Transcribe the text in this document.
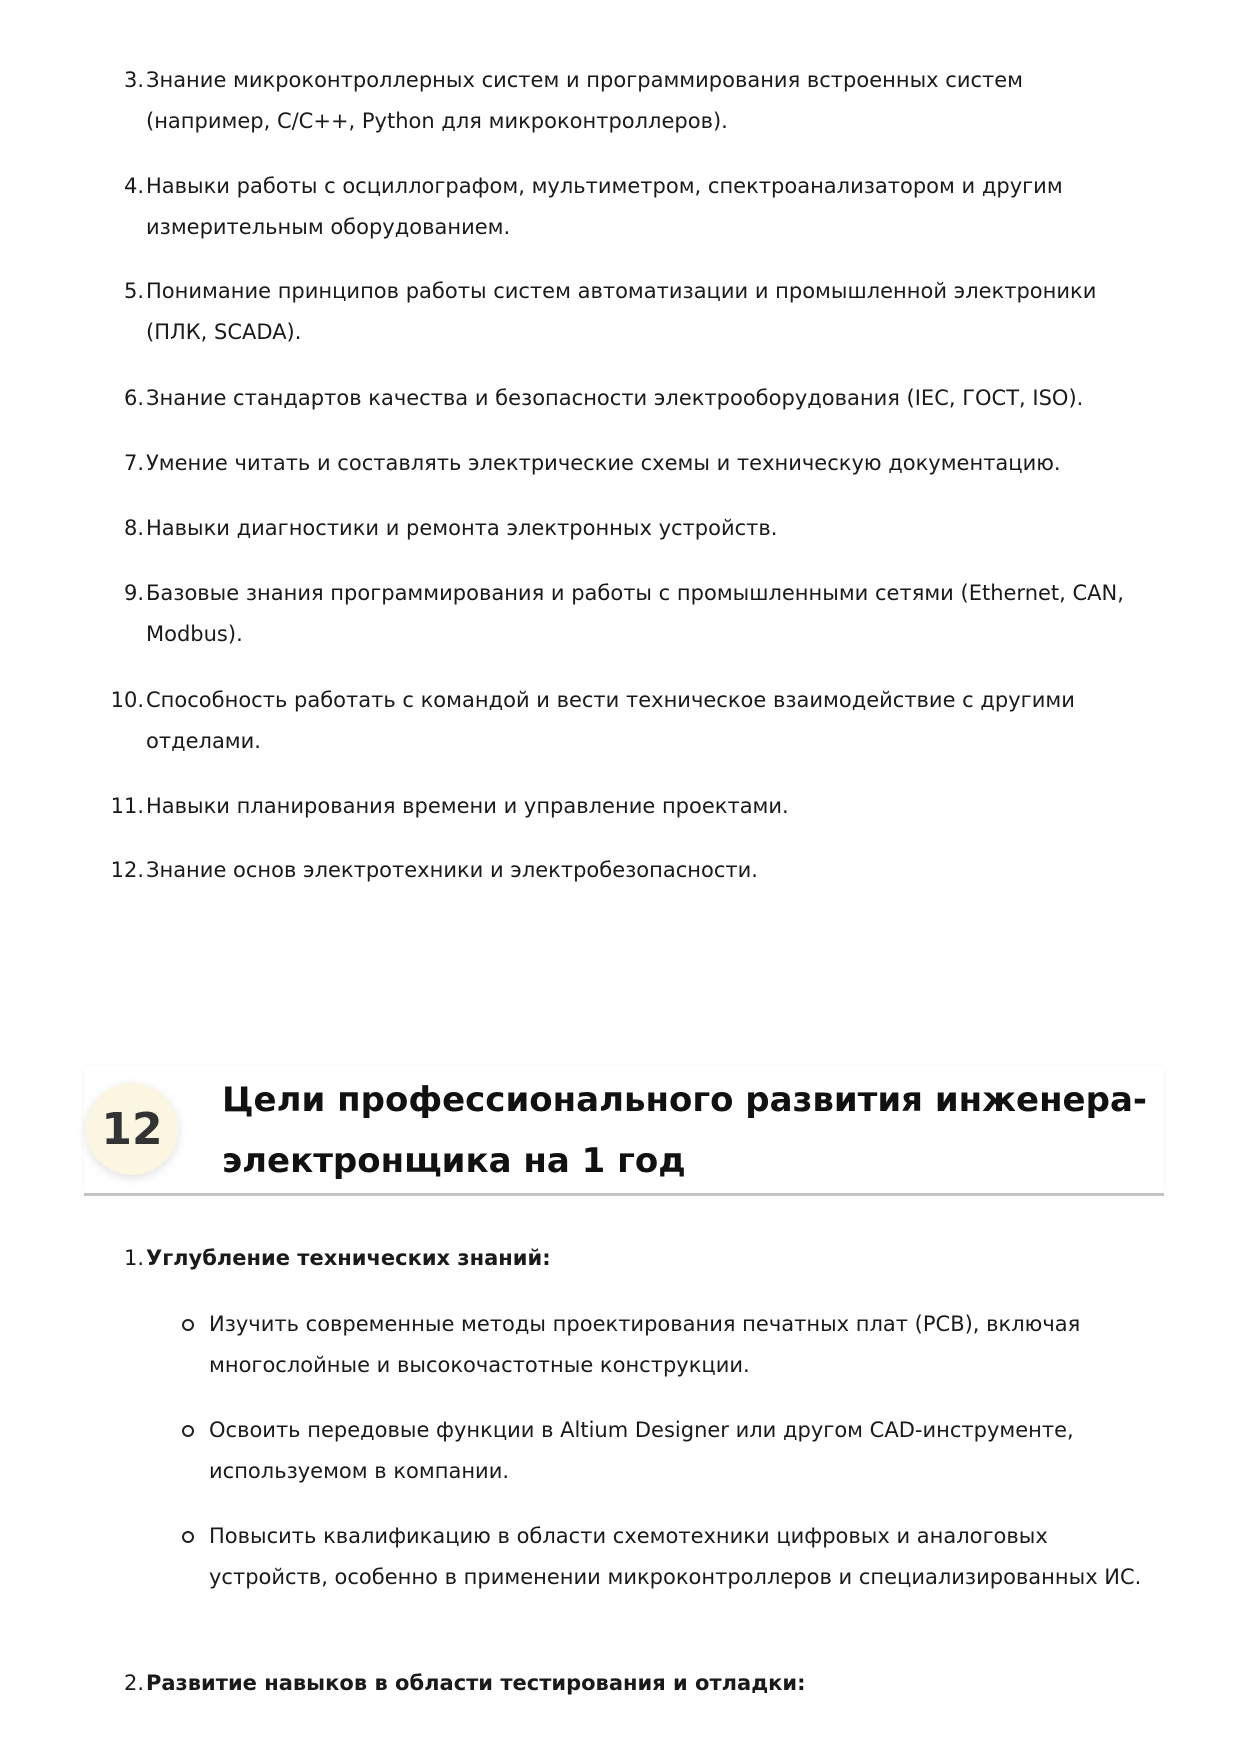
3. Знание микроконтроллерных систем и программирования встроенных систем (например, C/C++, Python для микроконтроллеров).
4. Навыки работы с осциллографом, мультиметром, спектроанализатором и другим измерительным оборудованием.
5. Понимание принципов работы систем автоматизации и промышленной электроники (ПЛК, SCADA).
6. Знание стандартов качества и безопасности электрооборудования (IEC, ГОСТ, ISO).
7. Умение читать и составлять электрические схемы и техническую документацию.
8. Навыки диагностики и ремонта электронных устройств.
9. Базовые знания программирования и работы с промышленными сетями (Ethernet, CAN, Modbus).
10. Способность работать с командой и вести техническое взаимодействие с другими отделами.
11. Навыки планирования времени и управление проектами.
12. Знание основ электротехники и электробезопасности.
12
Цели профессионального развития инженера-электронщика на 1 год
1. Углубление технических знаний:
Изучить современные методы проектирования печатных плат (PCB), включая многослойные и высокочастотные конструкции.
Освоить передовые функции в Altium Designer или другом CAD-инструменте, используемом в компании.
Повысить квалификацию в области схемотехники цифровых и аналоговых устройств, особенно в применении микроконтроллеров и специализированных ИС.
2. Развитие навыков в области тестирования и отладки:
